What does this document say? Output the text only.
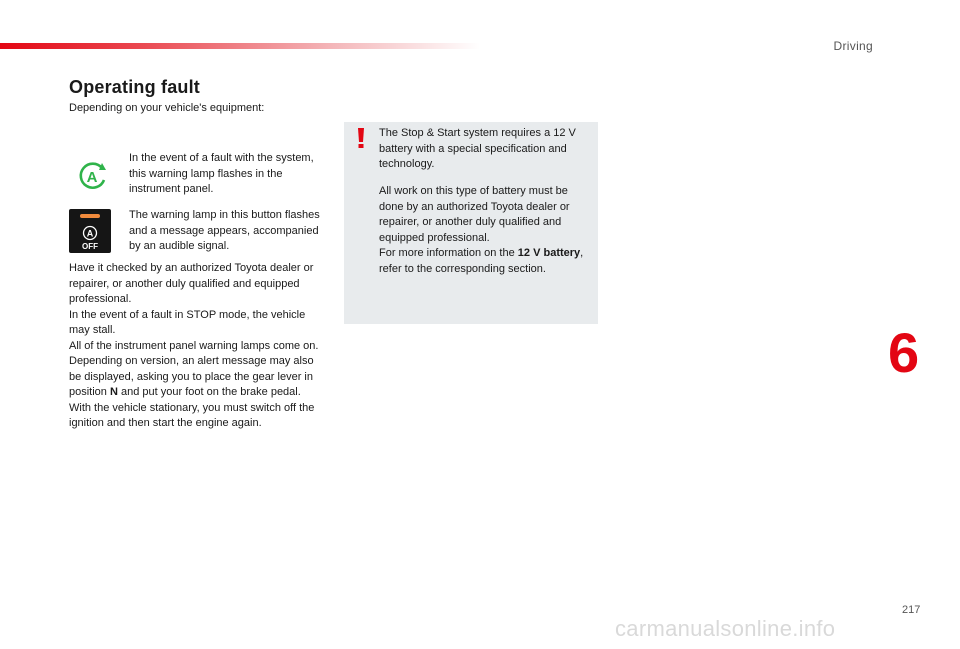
Driving
Operating fault
Depending on your vehicle's equipment:
A
In the event of a fault with the system, this warning lamp flashes in the instrument panel.
A
OFF
The warning lamp in this button flashes and a message appears, accompanied by an audible signal.

Have it checked by an authorized Toyota dealer or repairer, or another duly qualified and equipped professional.

In the event of a fault in STOP mode, the vehicle may stall.

All of the instrument panel warning lamps come on.

Depending on version, an alert message may also be displayed, asking you to place the gear lever in position N and put your foot on the brake pedal.

With the vehicle stationary, you must switch off the ignition and then start the engine again.

The Stop & Start system requires a 12 V battery with a special specification and technology.

All work on this type of battery must be done by an authorized Toyota dealer or repairer, or another duly qualified and equipped professional.
For more information on the 12 V battery, refer to the corresponding section.
6
217
carmanualsonline.info
